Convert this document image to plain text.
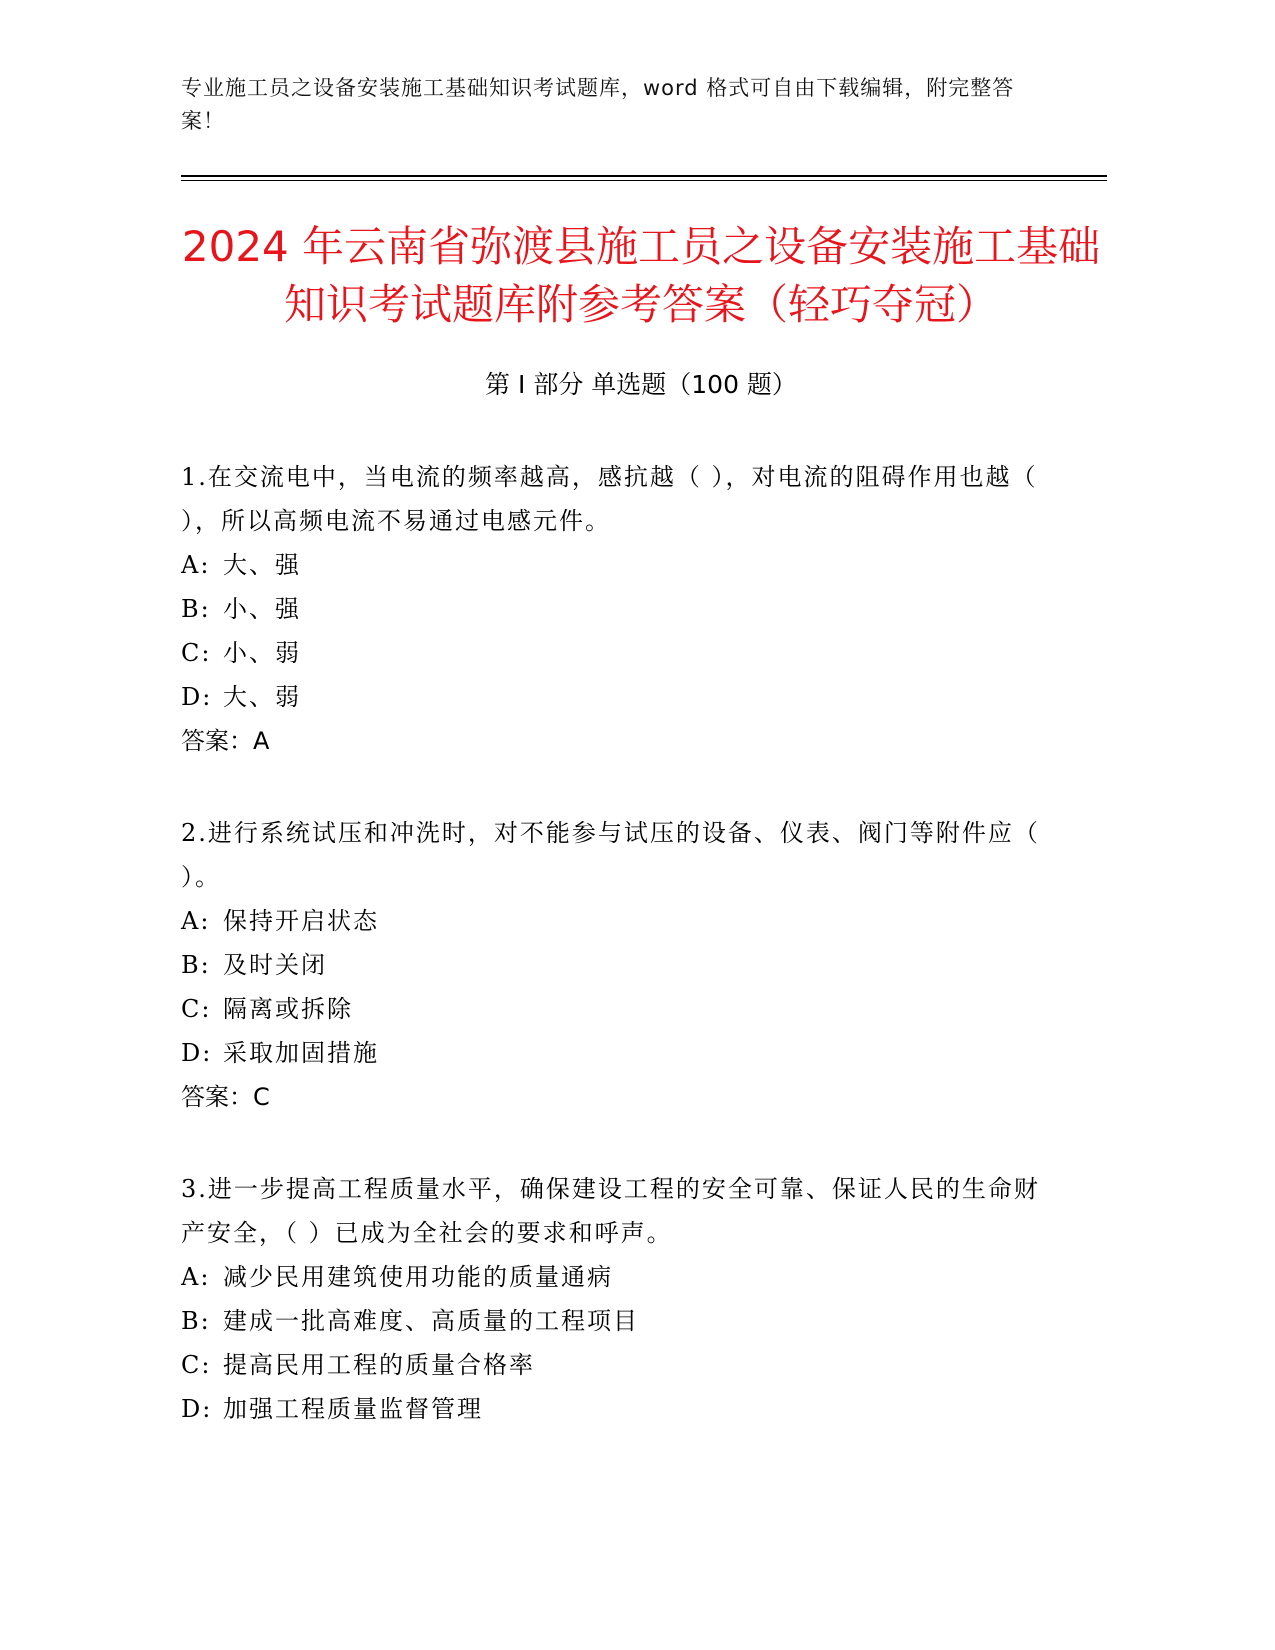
专业施工员之设备安装施工基础知识考试题库，word 格式可自由下载编辑，附完整答案！
2024 年云南省弥渡县施工员之设备安装施工基础知识考试题库附参考答案（轻巧夺冠）
第 I 部分 单选题（100 题）
1.在交流电中，当电流的频率越高，感抗越（ ），对电流的阻碍作用也越（ ），所以高频电流不易通过电感元件。
A: 大、强
B: 小、强
C: 小、弱
D: 大、弱
答案：A
2.进行系统试压和冲洗时，对不能参与试压的设备、仪表、阀门等附件应（ ）。
A: 保持开启状态
B: 及时关闭
C: 隔离或拆除
D: 采取加固措施
答案：C
3.进一步提高工程质量水平，确保建设工程的安全可靠、保证人民的生命财产安全，（ ）已成为全社会的要求和呼声。
A: 减少民用建筑使用功能的质量通病
B: 建成一批高难度、高质量的工程项目
C: 提高民用工程的质量合格率
D: 加强工程质量监督管理
